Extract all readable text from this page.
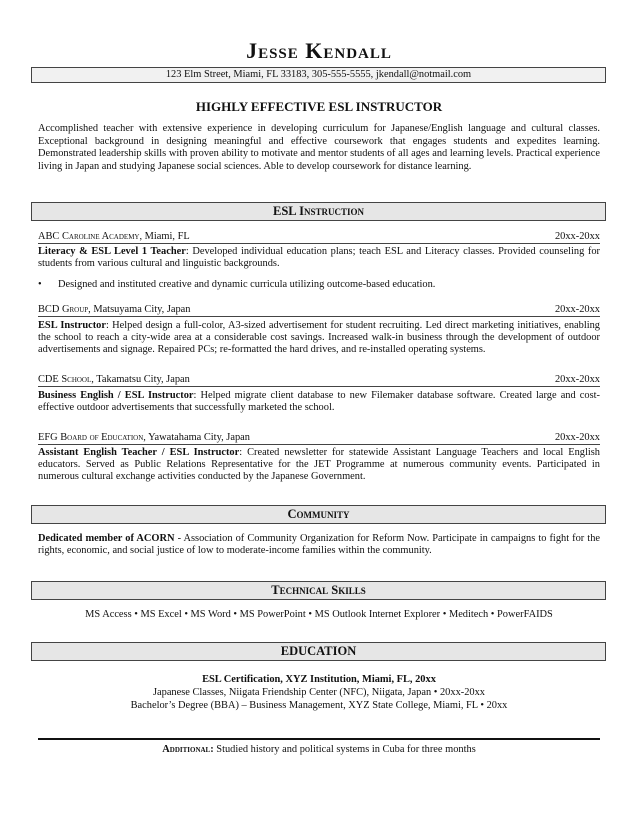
Jesse Kendall
123 Elm Street, Miami, FL 33183, 305-555-5555, jkendall@notmail.com
HIGHLY EFFECTIVE ESL INSTRUCTOR
Accomplished teacher with extensive experience in developing curriculum for Japanese/English language and cultural classes. Exceptional background in designing meaningful and effective coursework that engages students and expedites learning. Demonstrated leadership skills with proven ability to motivate and mentor students of all ages and learning levels. Practical experience living in Japan and studying Japanese social sciences. Able to develop coursework for distance learning.
ESL Instruction
ABC Caroline Academy, Miami, FL	20xx-20xx
Literacy & ESL Level 1 Teacher: Developed individual education plans; teach ESL and Literacy classes. Provided counseling for students from various cultural and linguistic backgrounds.
• Designed and instituted creative and dynamic curricula utilizing outcome-based education.
BCD Group, Matsuyama City, Japan	20xx-20xx
ESL Instructor: Helped design a full-color, A3-sized advertisement for student recruiting. Led direct marketing initiatives, enabling the school to reach a city-wide area at a considerable cost savings. Increased walk-in business through the development of outdoor advertisements and signage. Repaired PCs; re-formatted the hard drives, and re-installed operating systems.
CDE School, Takamatsu City, Japan	20xx-20xx
Business English / ESL Instructor: Helped migrate client database to new Filemaker database software. Created large and cost-effective outdoor advertisements that successfully marketed the school.
EFG Board of Education, Yawatahama City, Japan	20xx-20xx
Assistant English Teacher / ESL Instructor: Created newsletter for statewide Assistant Language Teachers and local English educators. Served as Public Relations Representative for the JET Programme at numerous community events. Participated in numerous cultural exchange activities conducted by the Japanese Government.
Community
Dedicated member of ACORN - Association of Community Organization for Reform Now. Participate in campaigns to fight for the rights, economic, and social justice of low to moderate-income families within the community.
Technical Skills
MS Access • MS Excel • MS Word • MS PowerPoint • MS Outlook Internet Explorer • Meditech • PowerFAIDS
EDUCATION
ESL Certification, XYZ Institution, Miami, FL, 20xx
Japanese Classes, Niigata Friendship Center (NFC), Niigata, Japan • 20xx-20xx
Bachelor’s Degree (BBA) – Business Management, XYZ State College, Miami, FL • 20xx
Additional: Studied history and political systems in Cuba for three months
